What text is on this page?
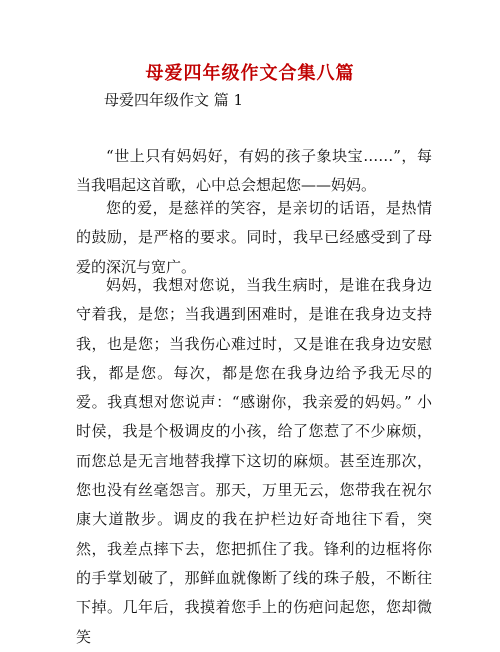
母爱四年级作文合集八篇
母爱四年级作文 篇 1

“世上只有妈妈好，有妈的孩子象块宝……”，每当我唱起这首歌，心中总会想起您——妈妈。

您的爱，是慈祥的笑容，是亲切的话语，是热情的鼓励，是严格的要求。同时，我早已经感受到了母爱的深沉与宽广。

妈妈，我想对您说，当我生病时，是谁在我身边守着我，是您；当我遇到困难时，是谁在我身边支持我，也是您；当我伤心难过时，又是谁在我身边安慰我，都是您。每次，都是您在我身边给予我无尽的爱。我真想对您说声：“感谢你，我亲爱的妈妈。” 小时侯，我是个极调皮的小孩，给了您惹了不少麻烦，而您总是无言地替我撑下这切的麻烦。甚至连那次，您也没有丝毫怨言。那天，万里无云，您带我在祝尔康大道散步。调皮的我在护栏边好奇地往下看，突然，我差点摔下去，您把抓住了我。锋利的边框将你的手掌划破了，那鲜血就像断了线的珠子般，不断往下掉。几年后，我摸着您手上的伤疤问起您，您却微笑
